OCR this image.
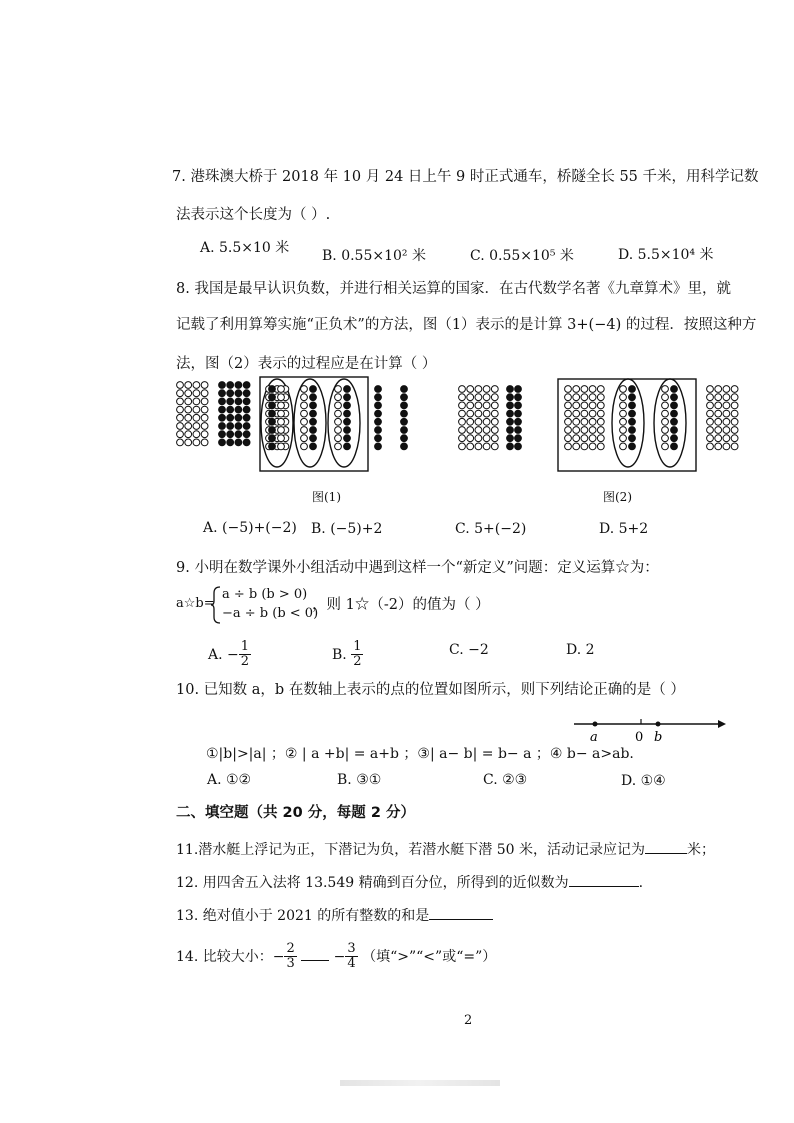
7. 港珠澳大桥于 2018 年 10 月 24 日上午 9 时正式通车，桥隧全长 55 千米，用科学记数
法表示这个长度为（ ）.
A. 5.5×10 米 B. 0.55×10² 米	C. 0.55×10⁵ 米	D. 5.5×10⁴ 米
8. 我国是最早认识负数，并进行相关运算的国家．在古代数学名著《九章算术》里，就
记载了利用算筹实施“正负术”的方法，图（1）表示的是计算 3+(−4) 的过程．按照这种方
法，图（2）表示的过程应是在计算（ ）
图(1)	图(2)
A. (−5)+(−2) B. (−5)+2	C. 5+(−2)	D. 5+2
9. 小明在数学课外小组活动中遇到这样一个“新定义”问题：定义运算☆为：
a☆b=
a ÷ b (b > 0)
−a ÷ b (b < 0)
，则 1☆（-2）的值为（ ）
A. − $\frac{1}{2}$	B. $\frac{1}{2}$	C. −2	D. 2
10. 已知数 a，b 在数轴上表示的点的位置如图所示，则下列结论正确的是（ ）
a	0 b
①|b|>|a| ；② | a +b| = a+b ；③| a− b| = b− a ；④ b− a>ab.
A. ①②	B. ③①	C. ②③	D. ①④
二、填空题（共 20 分，每题 2 分）
11.潜水艇上浮记为正，下潜记为负，若潜水艇下潜 50 米，活动记录应记为	米；
12. 用四舍五入法将 13.549 精确到百分位，所得到的近似数为	.
13. 绝对值小于 2021 的所有整数的和是
14. 比较大小：− $\frac{2}{3}$	− $\frac{3}{4}$ （填“>”“<”或“=”）
2
